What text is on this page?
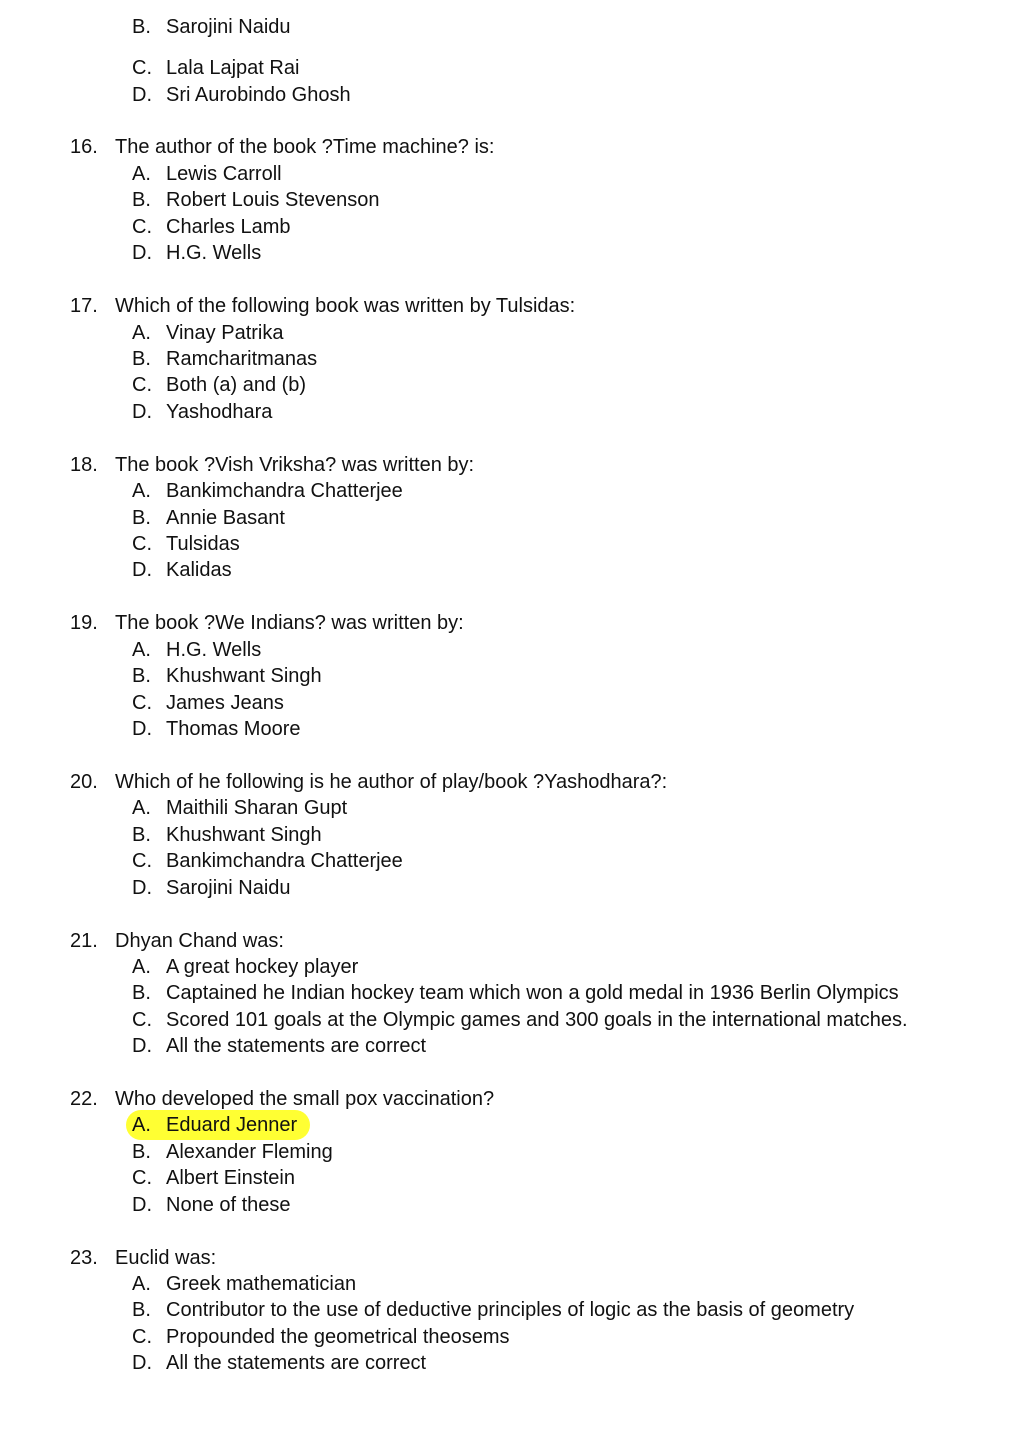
B. Sarojini Naidu
C. Lala Lajpat Rai
D. Sri Aurobindo Ghosh
16. The author of the book ?Time machine? is:
A. Lewis Carroll
B. Robert Louis Stevenson
C. Charles Lamb
D. H.G. Wells
17. Which of the following book was written by Tulsidas:
A. Vinay Patrika
B. Ramcharitmanas
C. Both (a) and (b)
D. Yashodhara
18. The book ?Vish Vriksha? was written by:
A. Bankimchandra Chatterjee
B. Annie Basant
C. Tulsidas
D. Kalidas
19. The book ?We Indians? was written by:
A. H.G. Wells
B. Khushwant Singh
C. James Jeans
D. Thomas Moore
20. Which of he following is he author of play/book ?Yashodhara?:
A. Maithili Sharan Gupt
B. Khushwant Singh
C. Bankimchandra Chatterjee
D. Sarojini Naidu
21. Dhyan Chand was:
A. A great hockey player
B. Captained he Indian hockey team which won a gold medal in 1936 Berlin Olympics
C. Scored 101 goals at the Olympic games and 300 goals in the international matches.
D. All the statements are correct
22. Who developed the small pox vaccination?
A. Eduard Jenner
B. Alexander Fleming
C. Albert Einstein
D. None of these
23. Euclid was:
A. Greek mathematician
B. Contributor to the use of deductive principles of logic as the basis of geometry
C. Propounded the geometrical theosems
D. All the statements are correct
